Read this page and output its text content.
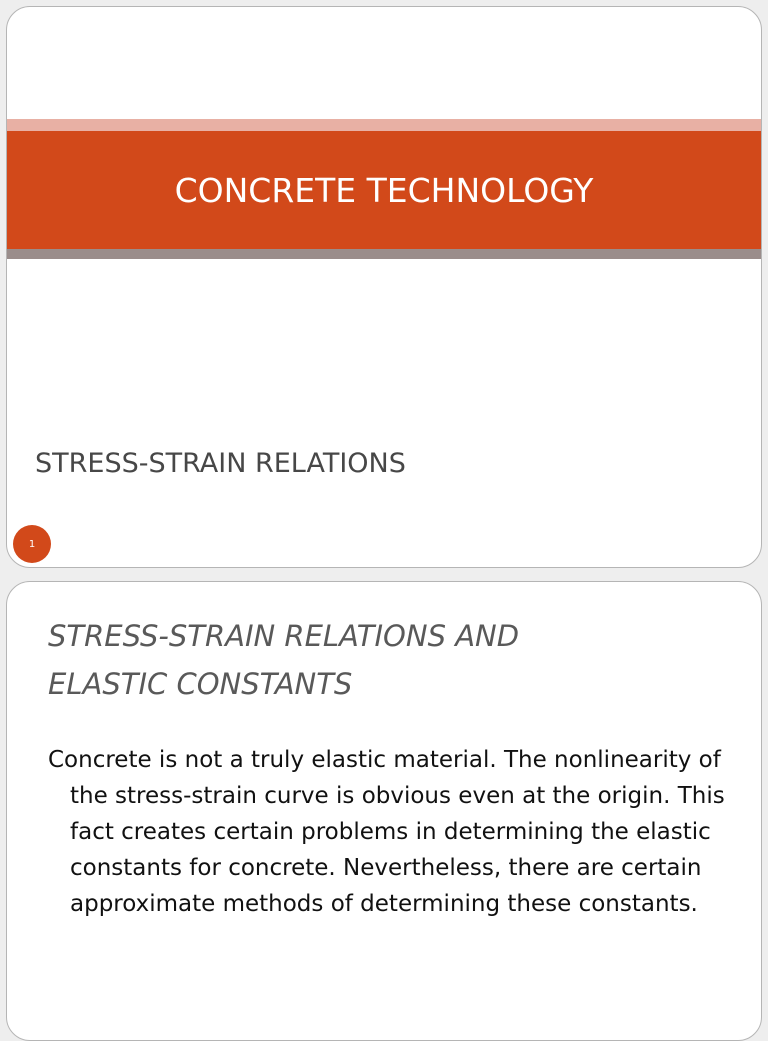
CONCRETE TECHNOLOGY

STRESS-STRAIN RELATIONS

1
STRESS-STRAIN RELATIONS AND
ELASTIC CONSTANTS
Concrete is not a truly elastic material. The nonlinearity of the stress-strain curve is obvious even at the origin. This fact creates certain problems in determining the elastic constants for concrete. Nevertheless, there are certain approximate methods of determining these constants.
